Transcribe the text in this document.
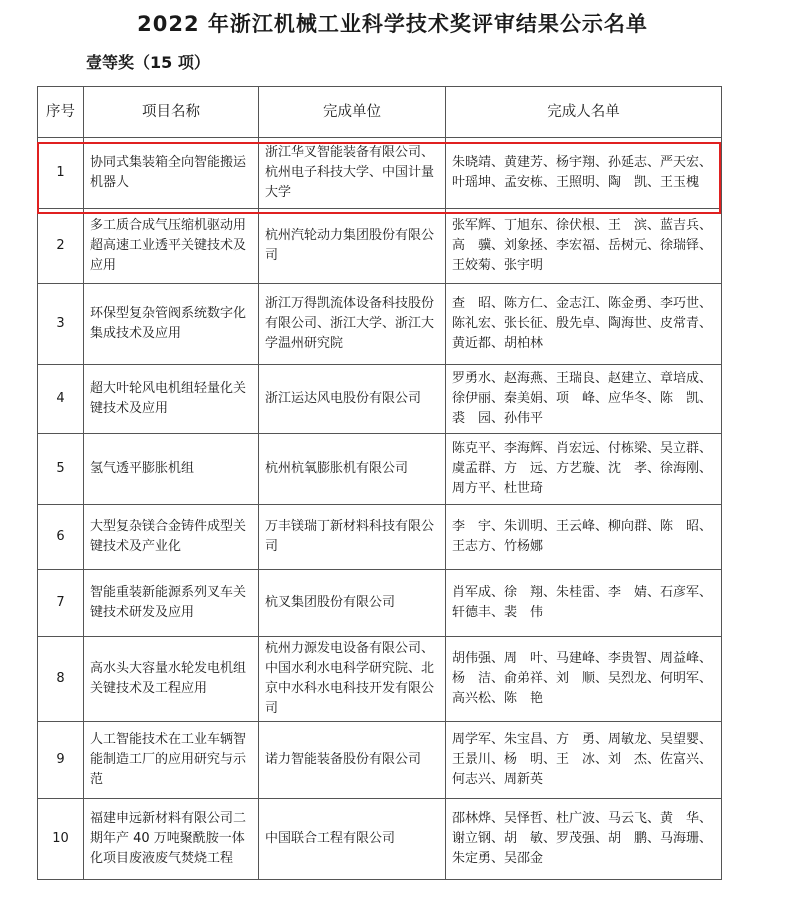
2022 年浙江机械工业科学技术奖评审结果公示名单
壹等奖（15 项）
序号	项目名称	完成单位	完成人名单
1	协同式集装箱全向智能搬运机器人	浙江华叉智能装备有限公司、杭州电子科技大学、中国计量大学	朱晓靖、黄建芳、杨宇翔、孙延志、严天宏、叶瑶坤、孟安栋、王照明、陶　凯、王玉槐
2	多工质合成气压缩机驱动用超高速工业透平关键技术及应用	杭州汽轮动力集团股份有限公司	张军辉、丁旭东、徐伏根、王　滨、蓝吉兵、高　骥、刘象拯、李宏福、岳树元、徐瑞铎、王姣菊、张宇明
3	环保型复杂管阀系统数字化集成技术及应用	浙江万得凯流体设备科技股份有限公司、浙江大学、浙江大学温州研究院	查　昭、陈方仁、金志江、陈金勇、李巧世、陈礼宏、张长征、殷先卓、陶海世、皮常青、黄近都、胡柏林
4	超大叶轮风电机组轻量化关键技术及应用	浙江运达风电股份有限公司	罗勇水、赵海燕、王瑞良、赵建立、章培成、徐伊丽、秦美娟、项　峰、应华冬、陈　凯、裘　园、孙伟平
5	氢气透平膨胀机组	杭州杭氧膨胀机有限公司	陈克平、李海辉、肖宏远、付栋梁、吴立群、虞孟群、方　远、方艺璇、沈　孝、徐海刚、周方平、杜世琦
6	大型复杂镁合金铸件成型关键技术及产业化	万丰镁瑞丁新材料科技有限公司	李　宇、朱训明、王云峰、柳向群、陈　昭、王志方、竹杨娜
7	智能重装新能源系列叉车关键技术研发及应用	杭叉集团股份有限公司	肖军成、徐　翔、朱桂雷、李　婧、石彦军、轩德丰、裴　伟
8	高水头大容量水轮发电机组关键技术及工程应用	杭州力源发电设备有限公司、中国水利水电科学研究院、北京中水科水电科技开发有限公司	胡伟强、周　叶、马建峰、李贵智、周益峰、杨　洁、俞弟祥、刘　顺、吴烈龙、何明军、高兴松、陈　艳
9	人工智能技术在工业车辆智能制造工厂的应用研究与示范	诺力智能装备股份有限公司	周学军、朱宝昌、方　勇、周敏龙、吴望婴、王景川、杨　明、王　冰、刘　杰、佐富兴、何志兴、周新英
10	福建申远新材料有限公司二期年产 40 万吨聚酰胺一体化项目废液废气焚烧工程	中国联合工程有限公司	邵林烨、吴怿哲、杜广波、马云飞、黄　华、谢立钢、胡　敏、罗茂强、胡　鹏、马海珊、朱定勇、吴邵金
